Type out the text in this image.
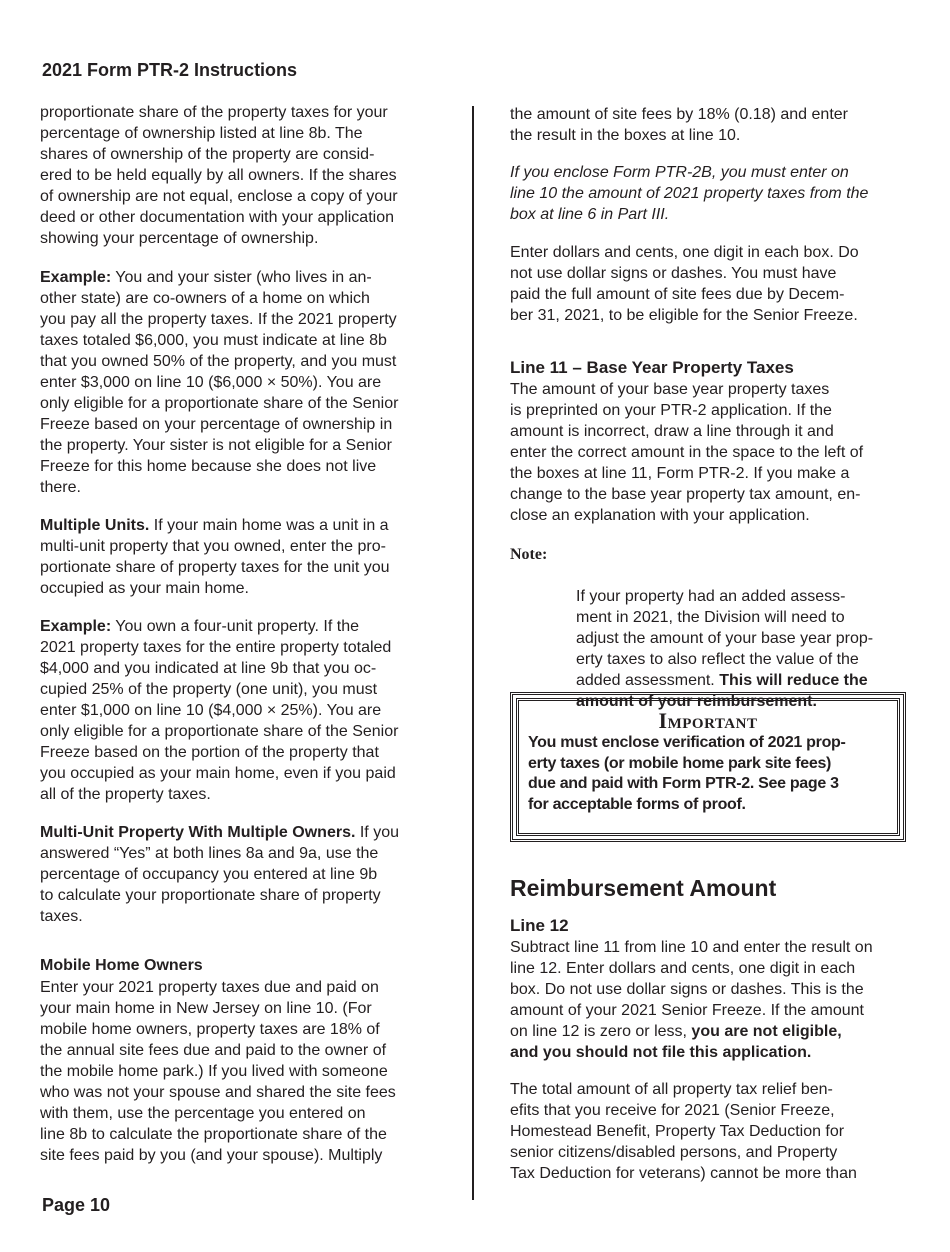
2021 Form PTR-2 Instructions

proportionate share of the property taxes for your
percentage of ownership listed at line 8b. The
shares of ownership of the property are consid-
ered to be held equally by all owners. If the shares
of ownership are not equal, enclose a copy of your
deed or other documentation with your application
showing your percentage of ownership.

Example: You and your sister (who lives in an-
other state) are co-owners of a home on which
you pay all the property taxes. If the 2021 property
taxes totaled $6,000, you must indicate at line 8b
that you owned 50% of the property, and you must
enter $3,000 on line 10 ($6,000 × 50%). You are
only eligible for a proportionate share of the Senior
Freeze based on your percentage of ownership in
the property. Your sister is not eligible for a Senior
Freeze for this home because she does not live
there.

Multiple Units. If your main home was a unit in a
multi-unit property that you owned, enter the pro-
portionate share of property taxes for the unit you
occupied as your main home.

Example: You own a four-unit property. If the
2021 property taxes for the entire property totaled
$4,000 and you indicated at line 9b that you oc-
cupied 25% of the property (one unit), you must
enter $1,000 on line 10 ($4,000 × 25%). You are
only eligible for a proportionate share of the Senior
Freeze based on the portion of the property that
you occupied as your main home, even if you paid
all of the property taxes.

Multi-Unit Property With Multiple Owners. If you
answered “Yes” at both lines 8a and 9a, use the
percentage of occupancy you entered at line 9b
to calculate your proportionate share of property
taxes.

Mobile Home Owners

Enter your 2021 property taxes due and paid on
your main home in New Jersey on line 10. (For
mobile home owners, property taxes are 18% of
the annual site fees due and paid to the owner of
the mobile home park.) If you lived with someone
who was not your spouse and shared the site fees
with them, use the percentage you entered on
line 8b to calculate the proportionate share of the
site fees paid by you (and your spouse). Multiply

the amount of site fees by 18% (0.18) and enter
the result in the boxes at line 10.

If you enclose Form PTR-2B, you must enter on
line 10 the amount of 2021 property taxes from the
box at line 6 in Part III.

Enter dollars and cents, one digit in each box. Do
not use dollar signs or dashes. You must have
paid the full amount of site fees due by Decem-
ber 31, 2021, to be eligible for the Senior Freeze.

Line 11 – Base Year Property Taxes

The amount of your base year property taxes
is preprinted on your PTR-2 application. If the
amount is incorrect, draw a line through it and
enter the correct amount in the space to the left of
the boxes at line 11, Form PTR-2. If you make a
change to the base year property tax amount, en-
close an explanation with your application.

Note:

If your property had an added assess-
ment in 2021, the Division will need to
adjust the amount of your base year prop-
erty taxes to also reflect the value of the
added assessment. This will reduce the
amount of your reimbursement.

Important
You must enclose verification of 2021 prop-
erty taxes (or mobile home park site fees)
due and paid with Form PTR-2. See page 3
for acceptable forms of proof.
Reimbursement Amount
Line 12

Subtract line 11 from line 10 and enter the result on
line 12. Enter dollars and cents, one digit in each
box. Do not use dollar signs or dashes. This is the
amount of your 2021 Senior Freeze. If the amount
on line 12 is zero or less, you are not eligible,
and you should not file this application.

The total amount of all property tax relief ben-
efits that you receive for 2021 (Senior Freeze,
Homestead Benefit, Property Tax Deduction for
senior citizens/disabled persons, and Property
Tax Deduction for veterans) cannot be more than

Page 10
